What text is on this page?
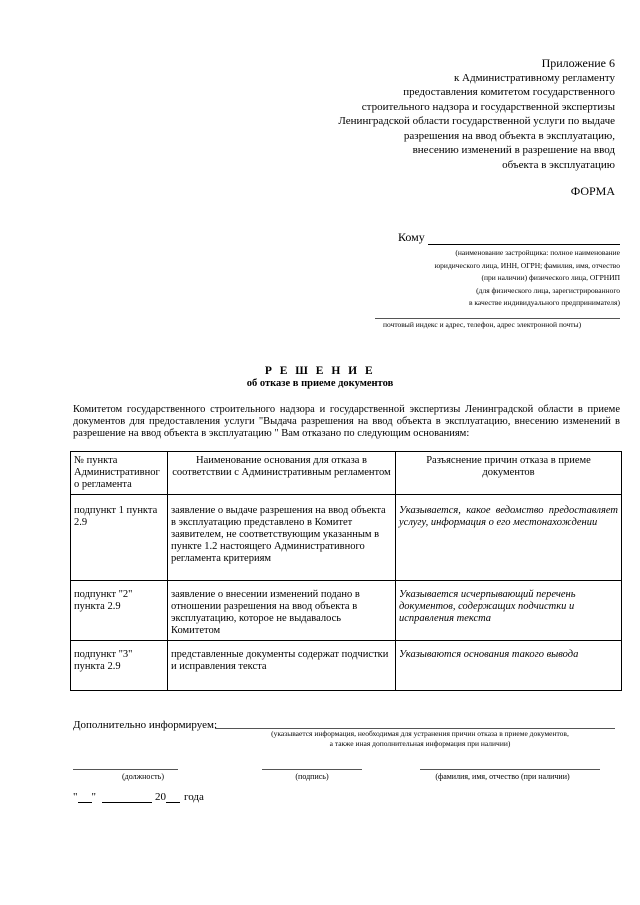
Приложение 6
к Административному регламенту
предоставления комитетом государственного
строительного надзора и государственной экспертизы
Ленинградской области государственной услуги по выдаче
разрешения на ввод объекта в эксплуатацию,
внесению изменений в разрешение на ввод
объекта в эксплуатацию
ФОРМА
Кому
(наименование застройщика: полное наименование
юридического лица, ИНН, ОГРН; фамилия, имя, отчество
(при наличии) физического лица, ОГРНИП
(для физического лица, зарегистрированного
в качестве индивидуального предпринимателя)
почтовый индекс и адрес, телефон, адрес электронной почты)
Р Е Ш Е Н И Е
об отказе в приеме документов
Комитетом государственного строительного надзора и государственной экспертизы Ленинградской области в приеме документов для предоставления услуги "Выдача разрешения на ввод объекта в эксплуатацию, внесению изменений в разрешение на ввод объекта в эксплуатацию " Вам отказано по следующим основаниям:
№ пункта Административног о регламента	Наименование основания для отказа в соответствии с Административным регламентом	Разъяснение причин отказа в приеме документов
подпункт 1 пункта 2.9	заявление о выдаче разрешения на ввод объекта в эксплуатацию представлено в Комитет заявителем, не соответствующим указанным в пункте 1.2 настоящего Административного регламента критериям	Указывается, какое ведомство предоставляет услугу, информация о его местонахождении
подпункт "2" пункта 2.9	заявление о внесении изменений подано в отношении разрешения на ввод объекта в эксплуатацию, которое не выдавалось Комитетом	Указывается исчерпывающий перечень документов, содержащих подчистки и исправления текста
подпункт "3" пункта 2.9	представленные документы содержат подчистки и исправления текста	Указываются основания такого вывода
Дополнительно информируем:
(указывается информация, необходимая для устранения причин отказа в приеме документов,
а также иная дополнительная информация при наличии)
(должность)	(подпись)	(фамилия, имя, отчество (при наличии)
" "	20 года
